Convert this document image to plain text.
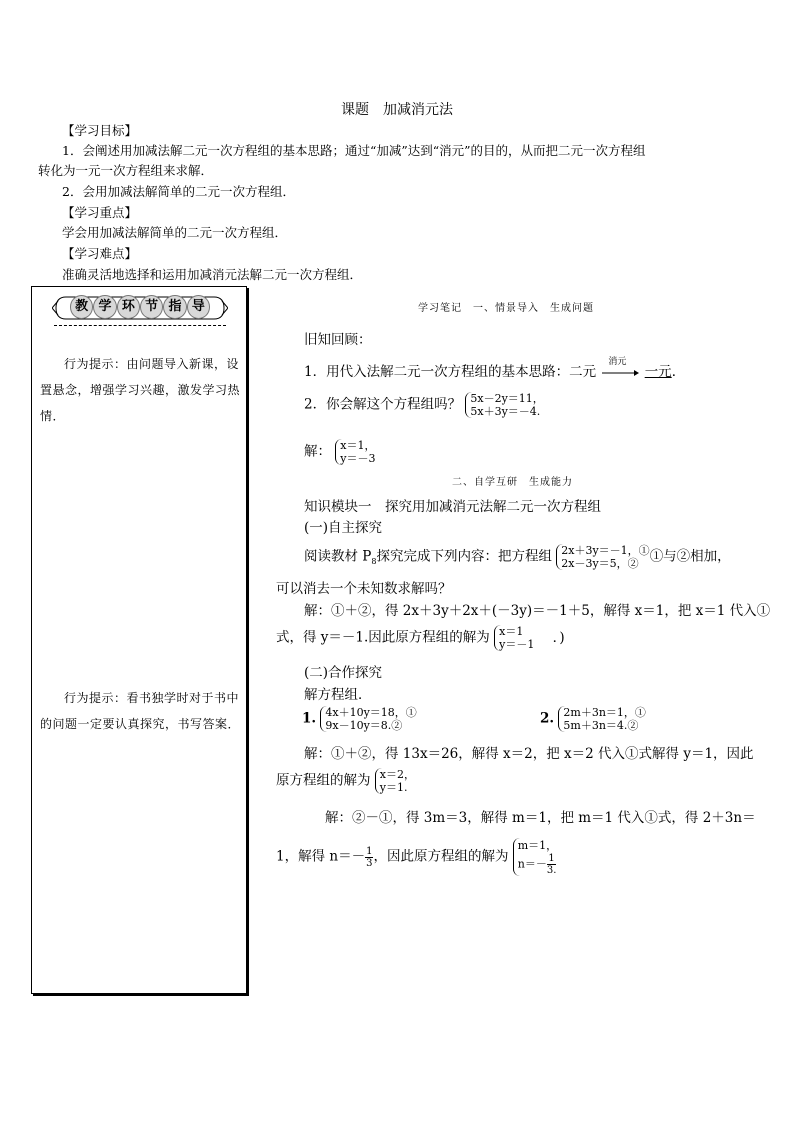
课题　加减消元法
【学习目标】
1．会阐述用加减法解二元一次方程组的基本思路；通过“加减”达到“消元”的目的，从而把二元一次方程组
转化为一元一次方程组来求解．
2．会用加减法解简单的二元一次方程组．
【学习重点】
学会用加减法解简单的二元一次方程组．
【学习难点】
准确灵活地选择和运用加减消元法解二元一次方程组．
教 学 环 节 指 导
行为提示：由问题导入新课，设置悬念，增强学习兴趣，激发学习热情．
行为提示：看书独学时对于书中的问题一定要认真探究，书写答案．
学习笔记　一、情景导入　生成问题
旧知回顾：
1．用代入法解二元一次方程组的基本思路：二元
消元
一元．
2．你会解这个方程组吗？ 5x－2y＝11，
5x＋3y＝－4.
解： x＝1，
y＝－3
二、自学互研　生成能力
知识模块一　探究用加减消元法解二元一次方程组
(一)自主探究
阅读教材 $P_8$探究完成下列内容：把方程组 2x＋3y＝－1，①
2x－3y＝5，② ①与②相加，
可以消去一个未知数求解吗？
解：①＋②，得 2x＋3y＋2x＋(－3y)＝－1＋5，解得 x＝1，把 x＝1 代入①
式，得 y＝－1.因此原方程组的解为 x＝1
y＝－1 ．)
(二)合作探究
解方程组．
1. 4x＋10y＝18，①
9x－10y＝8.②	2. 2m＋3n＝1，①
5m＋3n＝4.②
解：①＋②，得 13x＝26，解得 x＝2，把 x＝2 代入①式解得 y＝1，因此
原方程组的解为 x＝2，
y＝1.
解：②－①，得 3m＝3，解得 m＝1，把 m＝1 代入①式，得 2＋3n＝
1，解得 $n=- \frac{1}{3}$ ，因此原方程组的解为 m＝1，
$n=- \frac{1}{3.}$
